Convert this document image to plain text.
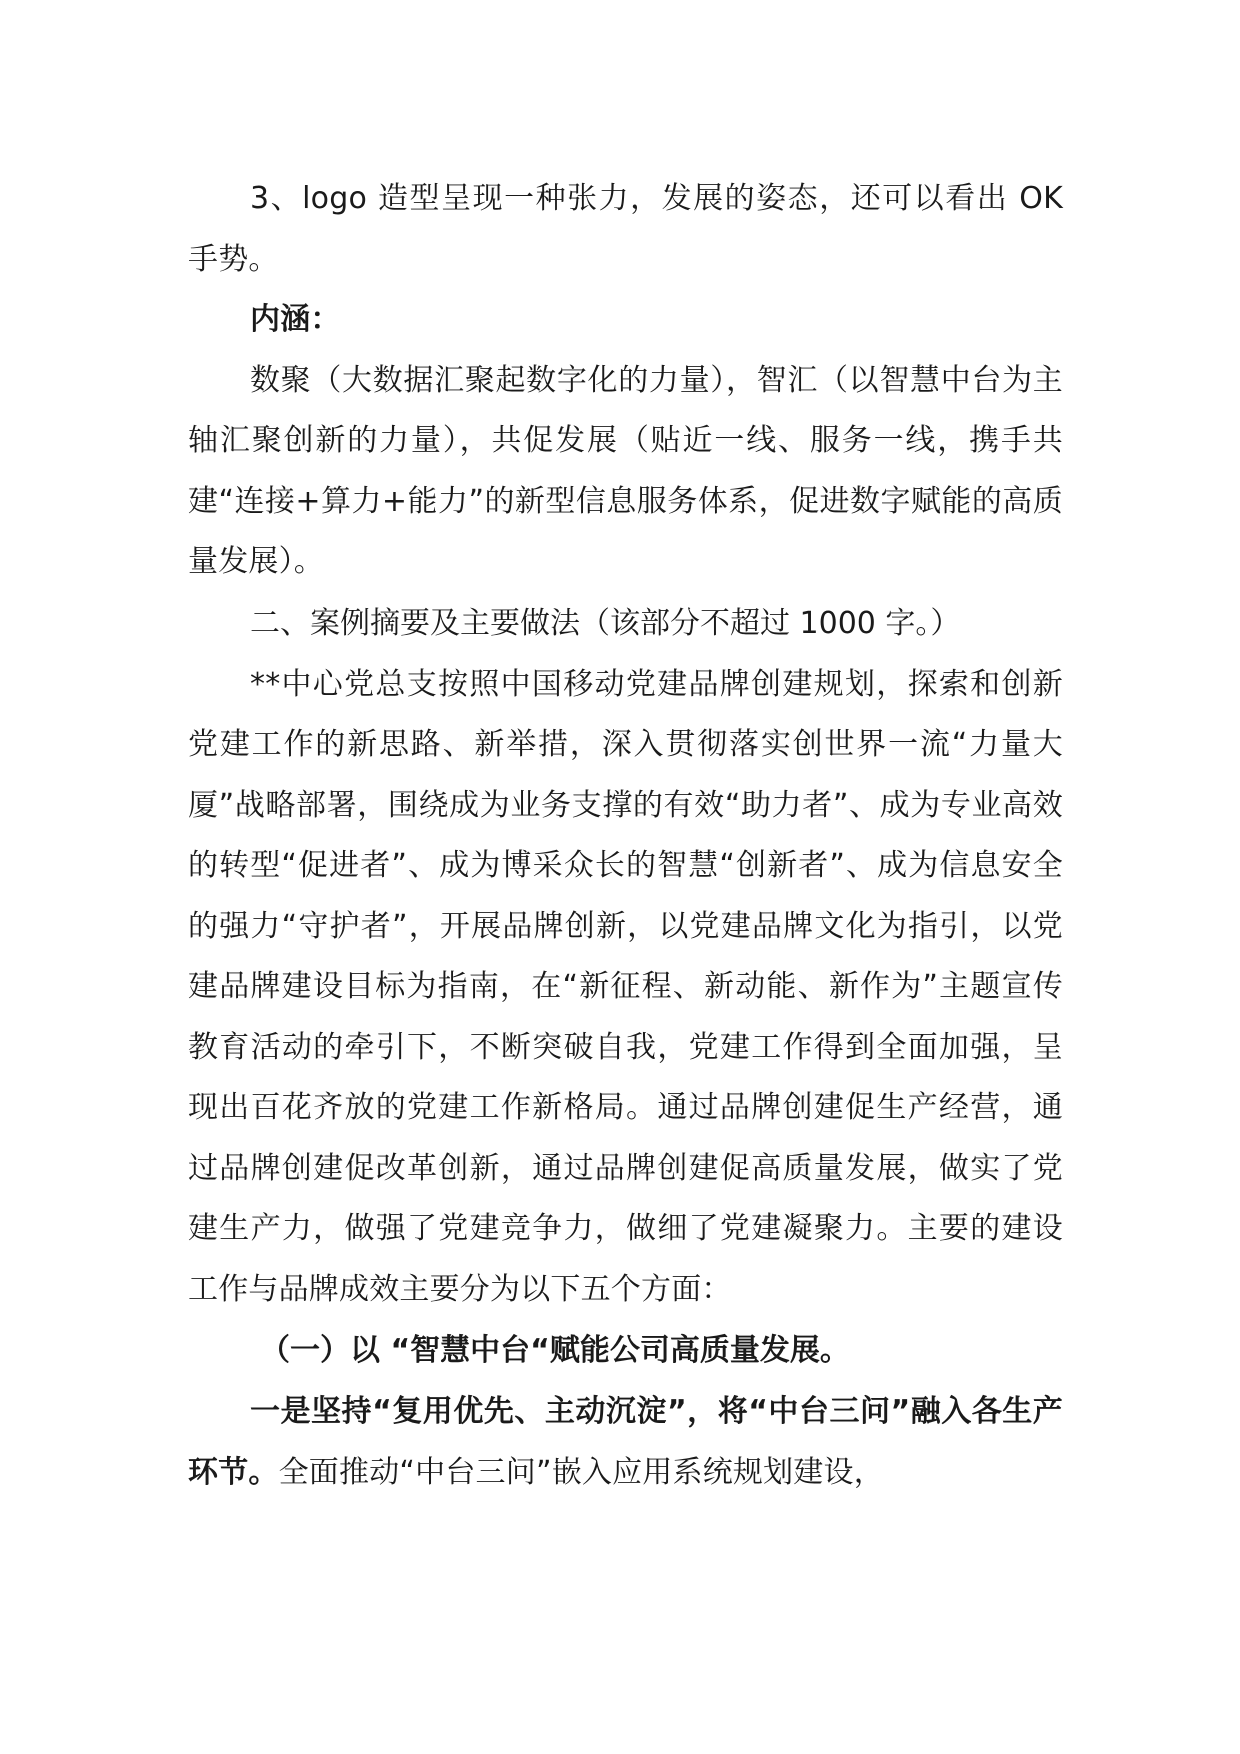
3、logo 造型呈现一种张力，发展的姿态，还可以看出 OK 手势。

内涵：

数聚（大数据汇聚起数字化的力量），智汇（以智慧中台为主轴汇聚创新的力量），共促发展（贴近一线、服务一线，携手共建“连接+算力+能力”的新型信息服务体系，促进数字赋能的高质量发展）。

二、案例摘要及主要做法（该部分不超过 1000 字。）

**中心党总支按照中国移动党建品牌创建规划，探索和创新党建工作的新思路、新举措，深入贯彻落实创世界一流“力量大厦”战略部署，围绕成为业务支撑的有效“助力者”、成为专业高效的转型“促进者”、成为博采众长的智慧“创新者”、成为信息安全的强力“守护者”，开展品牌创新，以党建品牌文化为指引，以党建品牌建设目标为指南，在“新征程、新动能、新作为”主题宣传教育活动的牵引下，不断突破自我，党建工作得到全面加强，呈现出百花齐放的党建工作新格局。通过品牌创建促生产经营，通过品牌创建促改革创新，通过品牌创建促高质量发展，做实了党建生产力，做强了党建竞争力，做细了党建凝聚力。主要的建设工作与品牌成效主要分为以下五个方面：

（一）以 “智慧中台“赋能公司高质量发展。

一是坚持“复用优先、主动沉淀”，将“中台三问”融入各生产环节。全面推动“中台三问”嵌入应用系统规划建设，
